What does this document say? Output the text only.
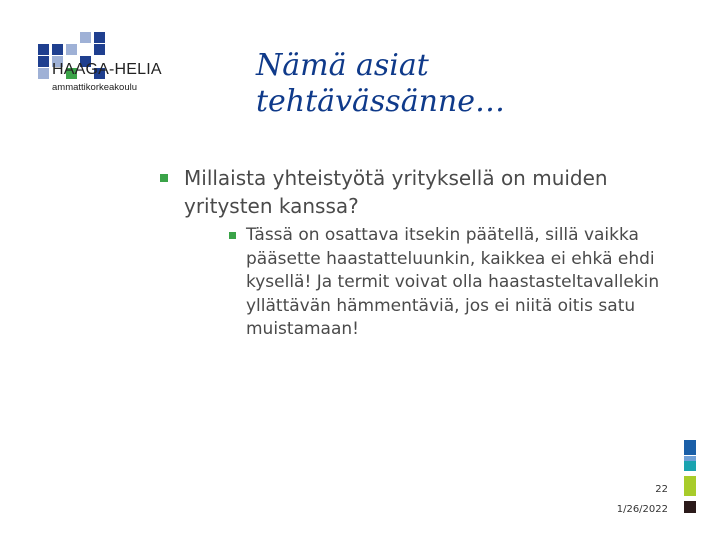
HAAGA-HELIA
ammattikorkeakoulu
Nämä asiat tehtävässänne…
Millaista yhteistyötä yrityksellä on muiden yritysten kanssa?
Tässä on osattava itsekin päätellä, sillä vaikka pääsette haastatteluunkin, kaikkea ei ehkä ehdi kysellä! Ja termit voivat olla haastasteltavallekin yllättävän hämmentäviä, jos ei niitä oitis satu muistamaan!
22
1/26/2022
